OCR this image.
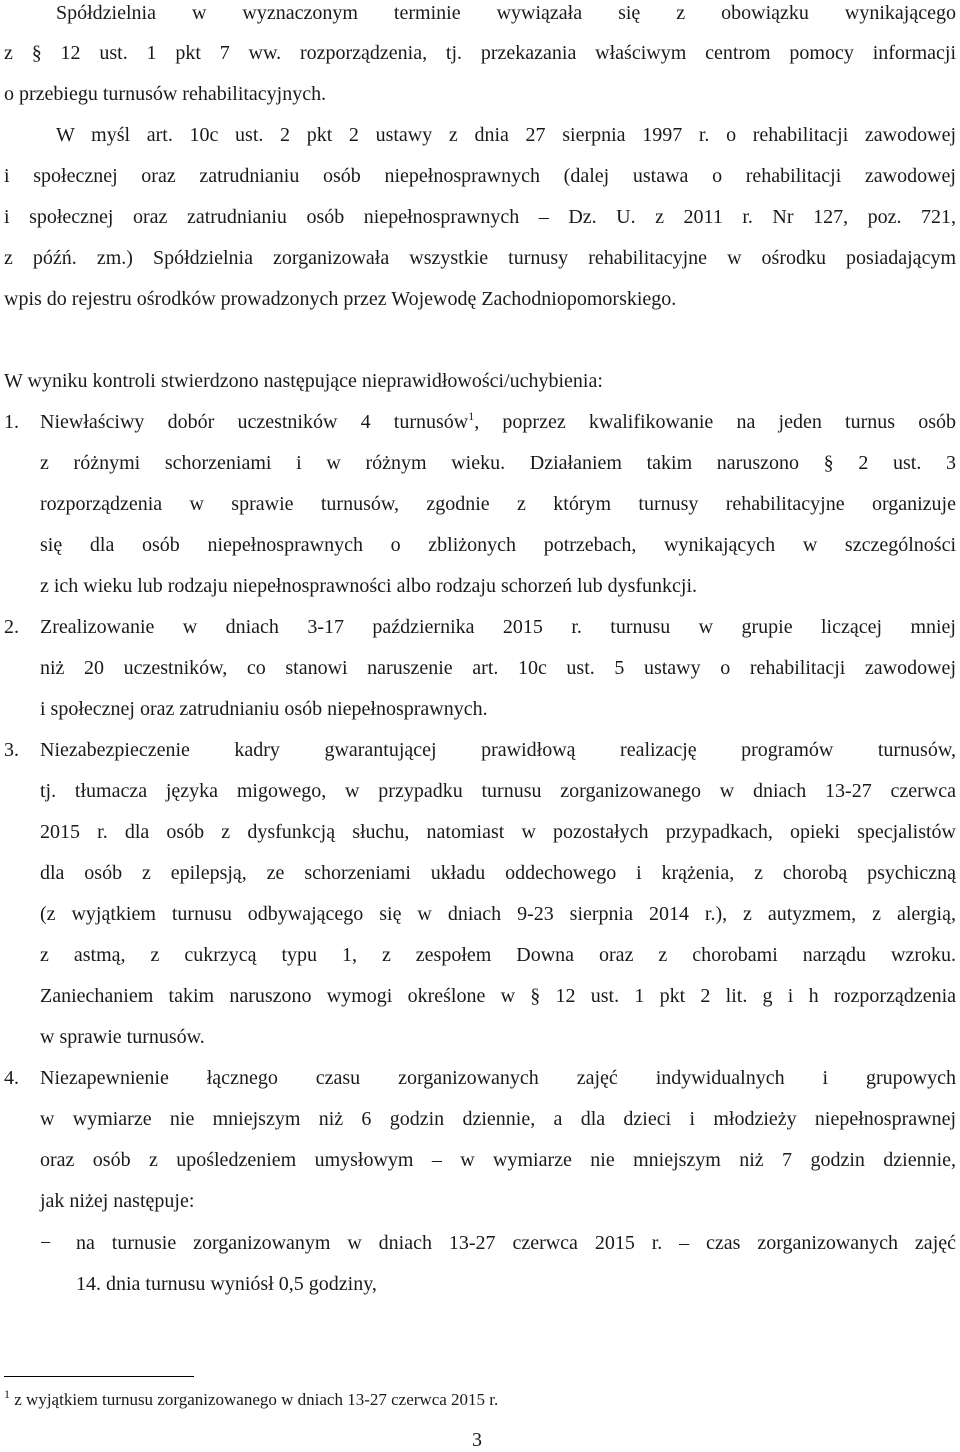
Spółdzielnia w wyznaczonym terminie wywiązała się z obowiązku wynikającego
z § 12 ust. 1 pkt 7 ww. rozporządzenia, tj. przekazania właściwym centrom pomocy informacji
o przebiegu turnusów rehabilitacyjnych.
W myśl art. 10c ust. 2 pkt 2 ustawy z dnia 27 sierpnia 1997 r. o rehabilitacji zawodowej
i społecznej oraz zatrudnianiu osób niepełnosprawnych (dalej ustawa o rehabilitacji zawodowej
i społecznej oraz zatrudnianiu osób niepełnosprawnych – Dz. U. z 2011 r. Nr 127, poz. 721,
z późń. zm.) Spółdzielnia zorganizowała wszystkie turnusy rehabilitacyjne w ośrodku posiadającym
wpis do rejestru ośrodków prowadzonych przez Wojewodę Zachodniopomorskiego.
W wyniku kontroli stwierdzono następujące nieprawidłowości/uchybienia:
1. Niewłaściwy dobór uczestników 4 turnusów$^1$, poprzez kwalifikowanie na jeden turnus osób
z różnymi schorzeniami i w różnym wieku. Działaniem takim naruszono § 2 ust. 3
rozporządzenia w sprawie turnusów, zgodnie z którym turnusy rehabilitacyjne organizuje
się dla osób niepełnosprawnych o zbliżonych potrzebach, wynikających w szczególności
z ich wieku lub rodzaju niepełnosprawności albo rodzaju schorzeń lub dysfunkcji.
2. Zrealizowanie w dniach 3-17 października 2015 r. turnusu w grupie liczącej mniej
niż 20 uczestników, co stanowi naruszenie art. 10c ust. 5 ustawy o rehabilitacji zawodowej
i społecznej oraz zatrudnianiu osób niepełnosprawnych.
3. Niezabezpieczenie kadry gwarantującej prawidłową realizację programów turnusów,
tj. tłumacza języka migowego, w przypadku turnusu zorganizowanego w dniach 13-27 czerwca
2015 r. dla osób z dysfunkcją słuchu, natomiast w pozostałych przypadkach, opieki specjalistów
dla osób z epilepsją, ze schorzeniami układu oddechowego i krążenia, z chorobą psychiczną
(z wyjątkiem turnusu odbywającego się w dniach 9-23 sierpnia 2014 r.), z autyzmem, z alergią,
z astmą, z cukrzycą typu 1, z zespołem Downa oraz z chorobami narządu wzroku.
Zaniechaniem takim naruszono wymogi określone w § 12 ust. 1 pkt 2 lit. g i h rozporządzenia
w sprawie turnusów.
4. Niezapewnienie łącznego czasu zorganizowanych zajęć indywidualnych i grupowych
w wymiarze nie mniejszym niż 6 godzin dziennie, a dla dzieci i młodzieży niepełnosprawnej
oraz osób z upośledzeniem umysłowym – w wymiarze nie mniejszym niż 7 godzin dziennie,
jak niżej następuje:
− na turnusie zorganizowanym w dniach 13-27 czerwca 2015 r. – czas zorganizowanych zajęć
14. dnia turnusu wyniósł 0,5 godziny,
$^1$ z wyjątkiem turnusu zorganizowanego w dniach 13-27 czerwca 2015 r.
3
